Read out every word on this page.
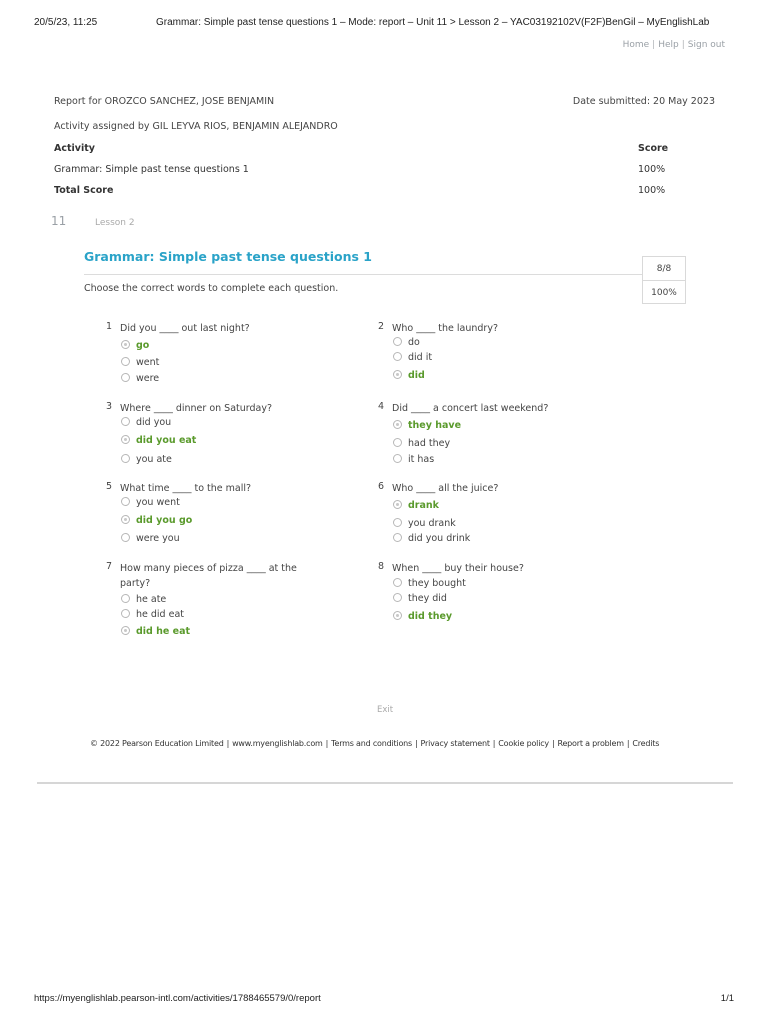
20/5/23, 11:25	Grammar: Simple past tense questions 1 – Mode: report – Unit 11 > Lesson 2 – YAC03192102V(F2F)BenGil – MyEnglishLab
Home | Help | Sign out
Report for OROZCO SANCHEZ, JOSE BENJAMIN	Date submitted: 20 May 2023
Activity assigned by GIL LEYVA RIOS, BENJAMIN ALEJANDRO
Activity	Score
Grammar: Simple past tense questions 1	100%
Total Score	100%
11	Lesson 2
Grammar: Simple past tense questions 1
Choose the correct words to complete each question.
8/8
100%
1 Did you ____ out last night?
go
went
were
2 Who ____ the laundry?
do
did it
did
3 Where ____ dinner on Saturday?
did you
did you eat
you ate
4 Did ____ a concert last weekend?
they have
had they
it has
5 What time ____ to the mall?
you went
did you go
were you
6 Who ____ all the juice?
drank
you drank
did you drink
7 How many pieces of pizza ____ at the party?
he ate
he did eat
did he eat
8 When ____ buy their house?
they bought
they did
did they
Exit
© 2022 Pearson Education Limited | www.myenglishlab.com | Terms and conditions | Privacy statement | Cookie policy | Report a problem | Credits
https://myenglishlab.pearson-intl.com/activities/1788465579/0/report	1/1
